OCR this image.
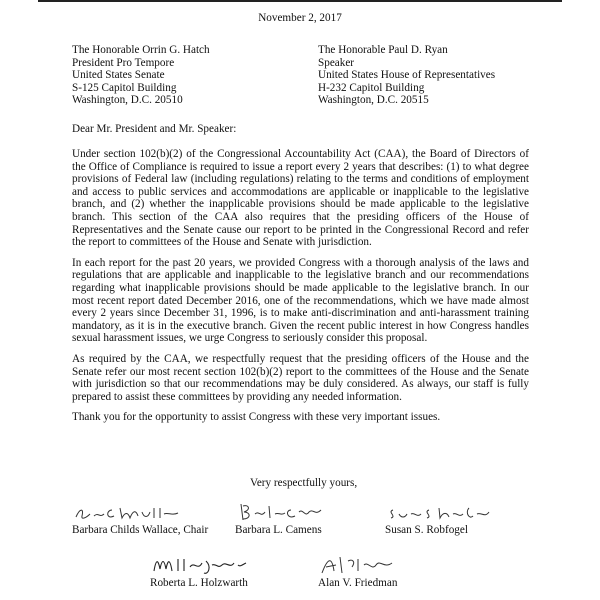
November 2, 2017
The Honorable Orrin G. Hatch
President Pro Tempore
United States Senate
S-125 Capitol Building
Washington, D.C. 20510
The Honorable Paul D. Ryan
Speaker
United States House of Representatives
H-232 Capitol Building
Washington, D.C. 20515
Dear Mr. President and Mr. Speaker:

Under section 102(b)(2) of the Congressional Accountability Act (CAA), the Board of Directors of the Office of Compliance is required to issue a report every 2 years that describes: (1) to what degree provisions of Federal law (including regulations) relating to the terms and conditions of employment and access to public services and accommodations are applicable or inapplicable to the legislative branch, and (2) whether the inapplicable provisions should be made applicable to the legislative branch. This section of the CAA also requires that the presiding officers of the House of Representatives and the Senate cause our report to be printed in the Congressional Record and refer the report to committees of the House and Senate with jurisdiction.

In each report for the past 20 years, we provided Congress with a thorough analysis of the laws and regulations that are applicable and inapplicable to the legislative branch and our recommendations regarding what inapplicable provisions should be made applicable to the legislative branch. In our most recent report dated December 2016, one of the recommendations, which we have made almost every 2 years since December 31, 1996, is to make anti-discrimination and anti-harassment training mandatory, as it is in the executive branch. Given the recent public interest in how Congress handles sexual harassment issues, we urge Congress to seriously consider this proposal.

As required by the CAA, we respectfully request that the presiding officers of the House and the Senate refer our most recent section 102(b)(2) report to the committees of the House and the Senate with jurisdiction so that our recommendations may be duly considered. As always, our staff is fully prepared to assist these committees by providing any needed information.

Thank you for the opportunity to assist Congress with these very important issues.

Very respectfully yours,
Barbara Childs Wallace, Chair Barbara L. Camens	Susan S. Robfogel
Roberta L. Holzwarth	Alan V. Friedman
